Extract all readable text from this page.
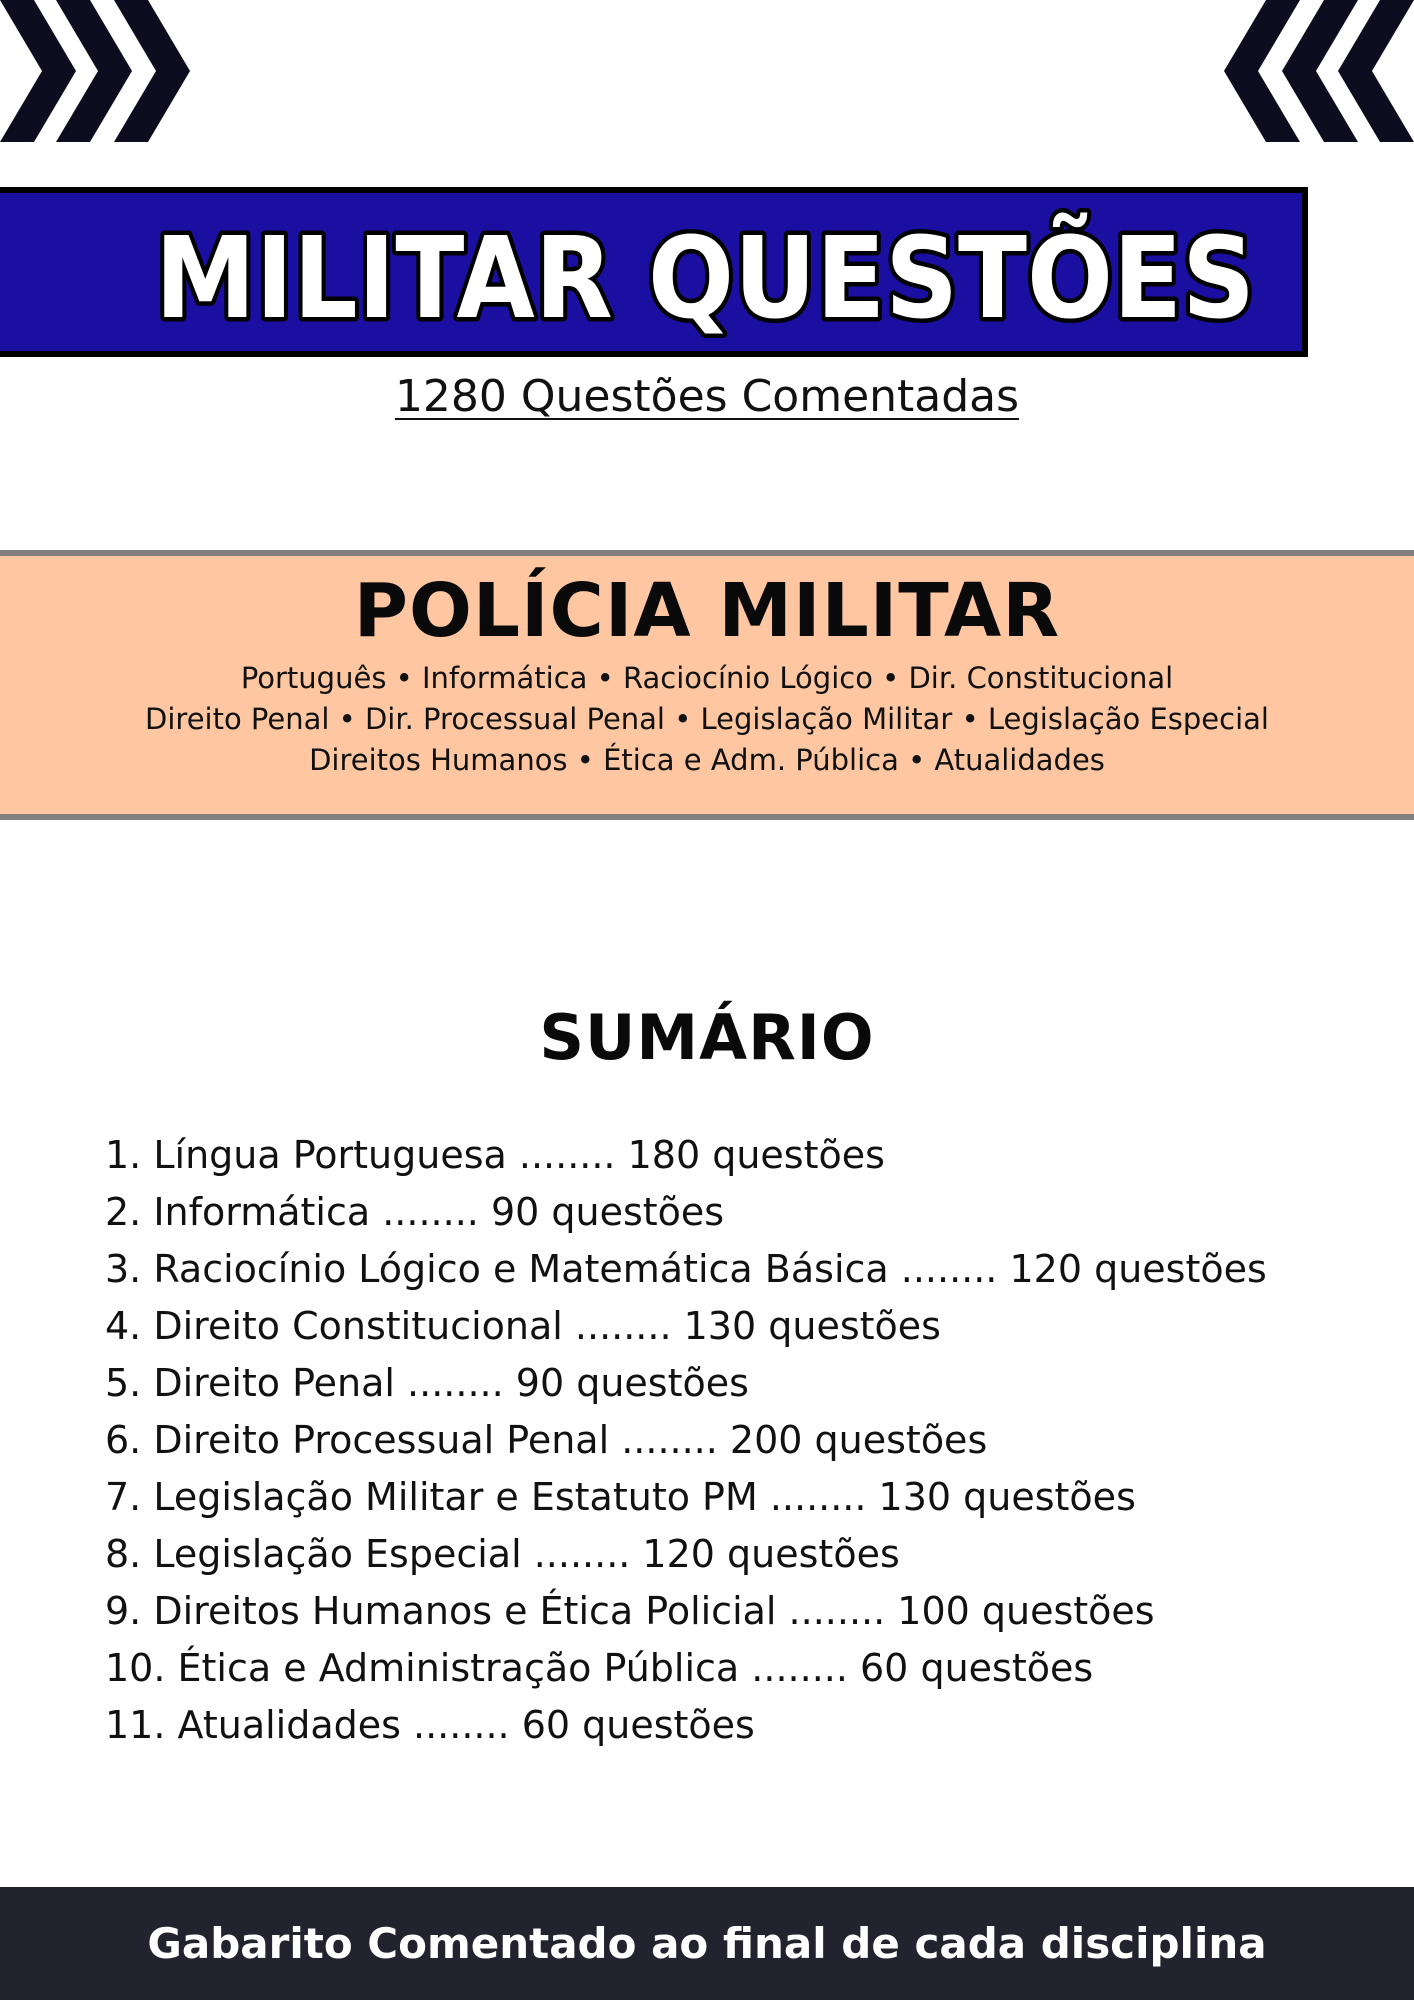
MILITAR QUESTÕES
1280 Questões Comentadas
POLÍCIA MILITAR
Português • Informática • Raciocínio Lógico • Dir. Constitucional
Direito Penal • Dir. Processual Penal • Legislação Militar • Legislação Especial
Direitos Humanos • Ética e Adm. Pública • Atualidades
SUMÁRIO
1. Língua Portuguesa ........ 180 questões
2. Informática ........ 90 questões
3. Raciocínio Lógico e Matemática Básica ........ 120 questões
4. Direito Constitucional ........ 130 questões
5. Direito Penal ........ 90 questões
6. Direito Processual Penal ........ 200 questões
7. Legislação Militar e Estatuto PM ........ 130 questões
8. Legislação Especial ........ 120 questões
9. Direitos Humanos e Ética Policial ........ 100 questões
10. Ética e Administração Pública ........ 60 questões
11. Atualidades ........ 60 questões
Gabarito Comentado ao final de cada disciplina
